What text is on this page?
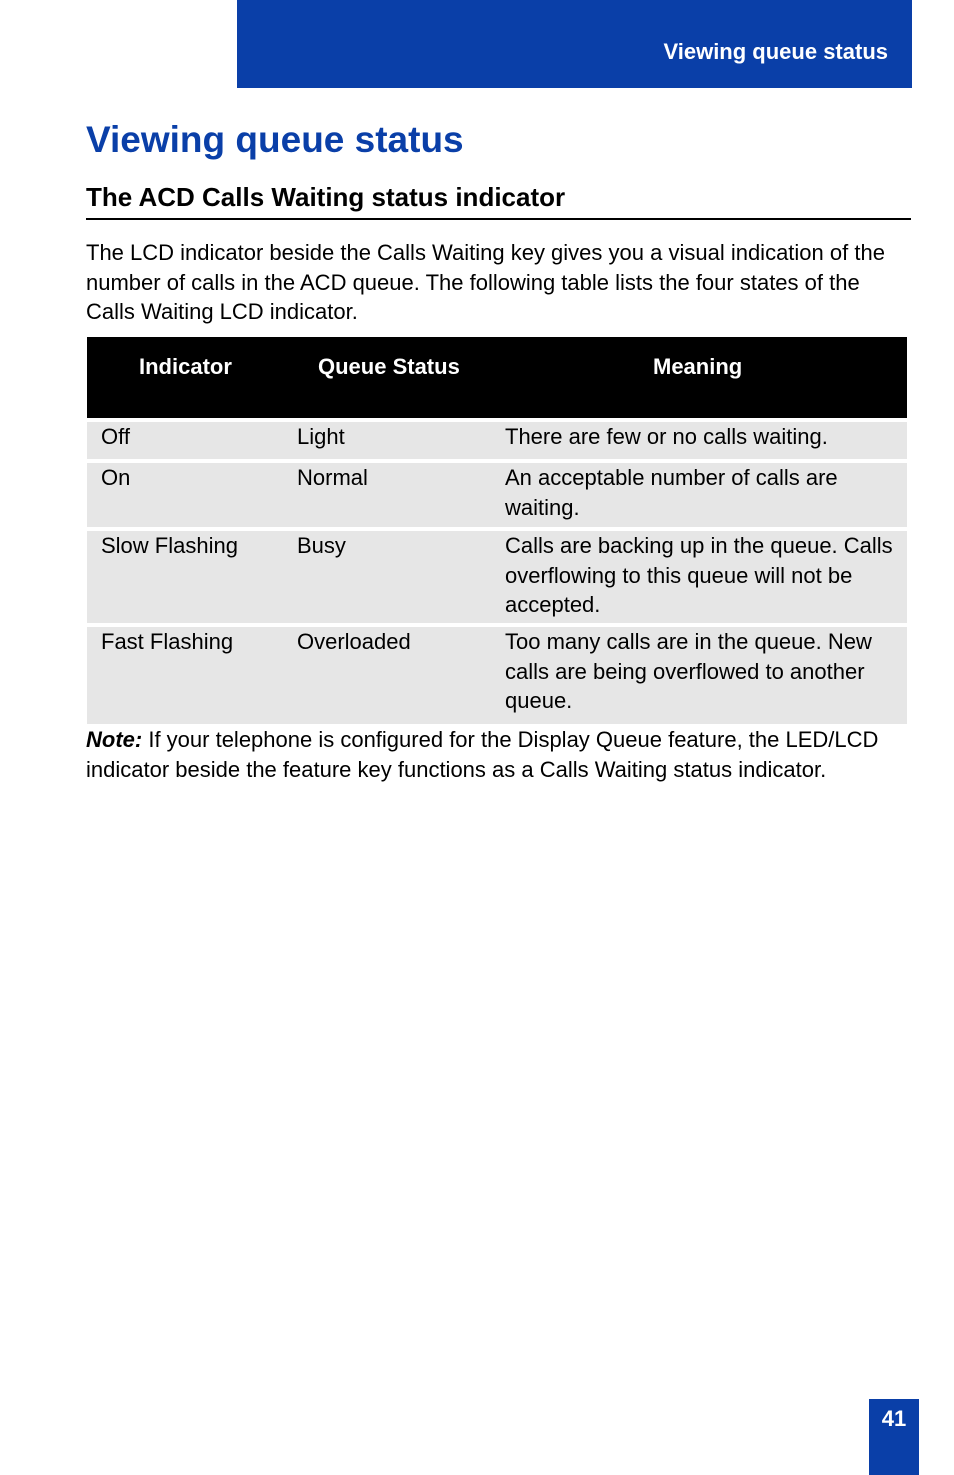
Viewing queue status
Viewing queue status
The ACD Calls Waiting status indicator

The LCD indicator beside the Calls Waiting key gives you a visual indication of the number of calls in the ACD queue. The following table lists the four states of the Calls Waiting LCD indicator.

Indicator	Queue Status	Meaning
Off	Light	There are few or no calls waiting.
On	Normal	An acceptable number of calls are waiting.
Slow Flashing	Busy	Calls are backing up in the queue. Calls overflowing to this queue will not be accepted.
Fast Flashing	Overloaded	Too many calls are in the queue. New calls are being overflowed to another queue.

Note: If your telephone is configured for the Display Queue feature, the LED/LCD indicator beside the feature key functions as a Calls Waiting status indicator.

41
